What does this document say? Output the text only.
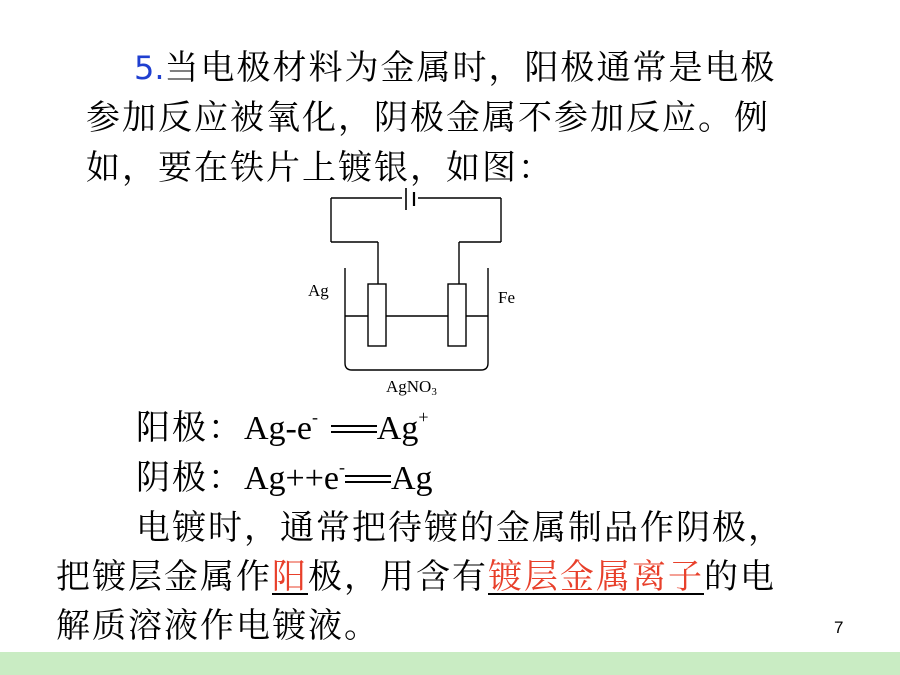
5.当电极材料为金属时，阳极通常是电极
参加反应被氧化，阴极金属不参加反应。例
如，要在铁片上镀银，如图：
Ag	Fe
AgNO3
阳极：Ag-e- Ag+
阴极：Ag++e- Ag
电镀时，通常把待镀的金属制品作阴极，
把镀层金属作阳极，用含有镀层金属离子的电
解质溶液作电镀液。	7
